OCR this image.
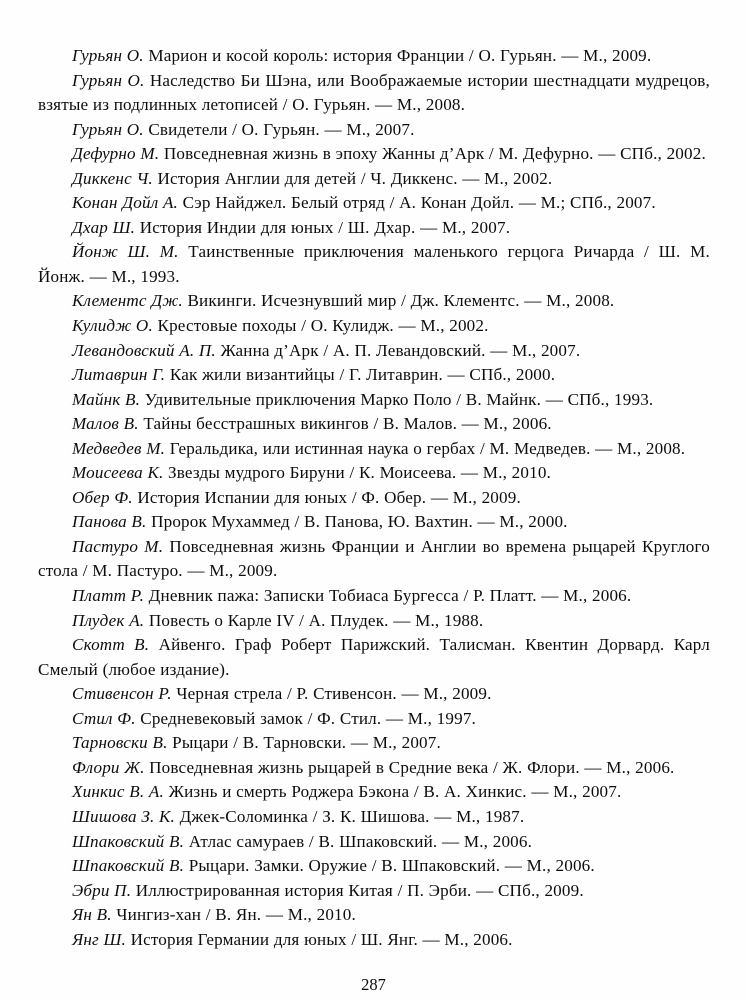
Гурьян О. Марион и косой король: история Франции / О. Гурьян. — М., 2009.

Гурьян О. Наследство Би Шэна, или Воображаемые истории шестнадцати мудрецов, взятые из подлинных летописей / О. Гурьян. — М., 2008.

Гурьян О. Свидетели / О. Гурьян. — М., 2007.

Дефурно М. Повседневная жизнь в эпоху Жанны д’Арк / М. Дефурно. — СПб., 2002.

Диккенс Ч. История Англии для детей / Ч. Диккенс. — М., 2002.

Конан Дойл А. Сэр Найджел. Белый отряд / А. Конан Дойл. — М.; СПб., 2007.

Дхар Ш. История Индии для юных / Ш. Дхар. — М., 2007.

Йонж Ш. М. Таинственные приключения маленького герцога Ричарда / Ш. М. Йонж. — М., 1993.

Клементс Дж. Викинги. Исчезнувший мир / Дж. Клементс. — М., 2008.

Кулидж О. Крестовые походы / О. Кулидж. — М., 2002.

Левандовский А. П. Жанна д’Арк / А. П. Левандовский. — М., 2007.

Литаврин Г. Как жили византийцы / Г. Литаврин. — СПб., 2000.

Майнк В. Удивительные приключения Марко Поло / В. Майнк. — СПб., 1993.

Малов В. Тайны бесстрашных викингов / В. Малов. — М., 2006.

Медведев М. Геральдика, или истинная наука о гербах / М. Медведев. — М., 2008.

Моисеева К. Звезды мудрого Бируни / К. Моисеева. — М., 2010.

Обер Ф. История Испании для юных / Ф. Обер. — М., 2009.

Панова В. Пророк Мухаммед / В. Панова, Ю. Вахтин. — М., 2000.

Пастуро М. Повседневная жизнь Франции и Англии во времена рыцарей Круглого стола / М. Пастуро. — М., 2009.

Платт Р. Дневник пажа: Записки Тобиаса Бургесса / Р. Платт. — М., 2006.

Плудек А. Повесть о Карле IV / А. Плудек. — М., 1988.

Скотт В. Айвенго. Граф Роберт Парижский. Талисман. Квентин Дорвард. Карл Смелый (любое издание).

Стивенсон Р. Черная стрела / Р. Стивенсон. — М., 2009.

Стил Ф. Средневековый замок / Ф. Стил. — М., 1997.

Тарновски В. Рыцари / В. Тарновски. — М., 2007.

Флори Ж. Повседневная жизнь рыцарей в Средние века / Ж. Флори. — М., 2006.

Хинкис В. А. Жизнь и смерть Роджера Бэкона / В. А. Хинкис. — М., 2007.

Шишова З. К. Джек-Соломинка / З. К. Шишова. — М., 1987.

Шпаковский В. Атлас самураев / В. Шпаковский. — М., 2006.

Шпаковский В. Рыцари. Замки. Оружие / В. Шпаковский. — М., 2006.

Эбри П. Иллюстрированная история Китая / П. Эрби. — СПб., 2009.

Ян В. Чингиз-хан / В. Ян. — М., 2010.

Янг Ш. История Германии для юных / Ш. Янг. — М., 2006.

287
